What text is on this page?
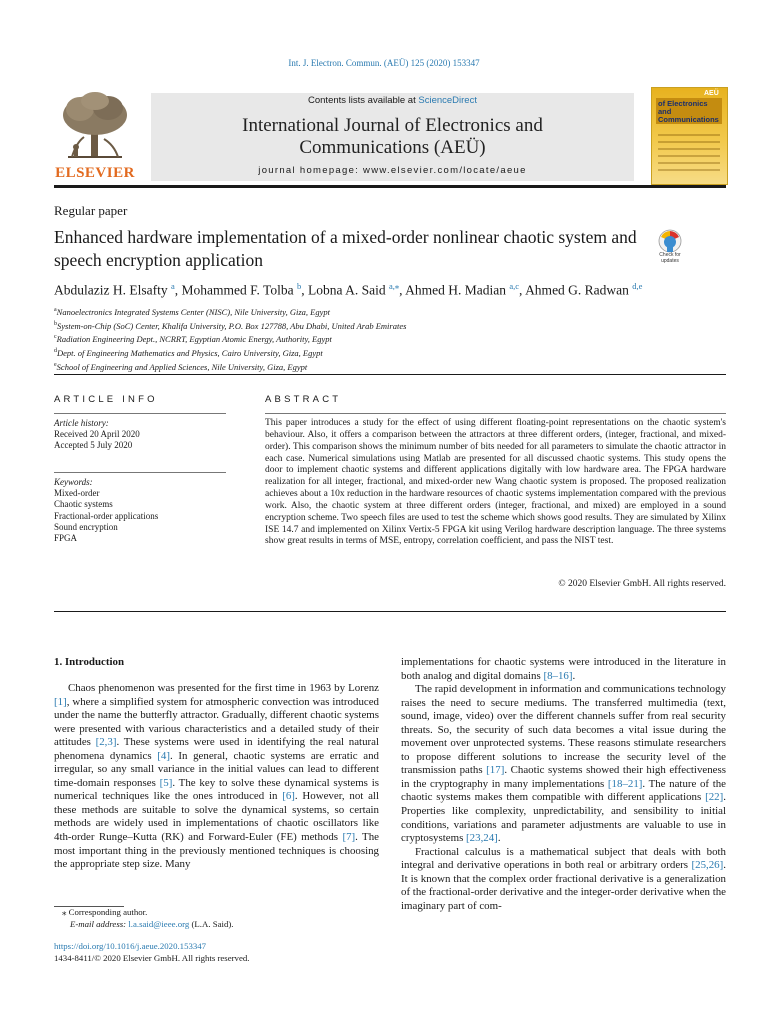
Int. J. Electron. Commun. (AEÜ) 125 (2020) 153347
ELSEVIER
Contents lists available at ScienceDirect
International Journal of Electronics and
Communications (AEÜ)
journal homepage: www.elsevier.com/locate/aeue
of Electronics and Communications
AEÜ
Regular paper
Enhanced hardware implementation of a mixed-order nonlinear chaotic system and speech encryption application	Check for updates
Abdulaziz H. Elsafty $^a$, Mohammed F. Tolba $^b$, Lobna A. Said $^{a,⁎}$, Ahmed H. Madian $^{a,c}$, Ahmed G. Radwan $^{d,e}$
$^a$Nanoelectronics Integrated Systems Center (NISC), Nile University, Giza, Egypt
$^b$System-on-Chip (SoC) Center, Khalifa University, P.O. Box 127788, Abu Dhabi, United Arab Emirates
$^c$Radiation Engineering Dept., NCRRT, Egyptian Atomic Energy, Authority, Egypt
$^d$Dept. of Engineering Mathematics and Physics, Cairo University, Giza, Egypt
$^e$School of Engineering and Applied Sciences, Nile University, Giza, Egypt
ARTICLE INFO	ABSTRACT
Article history:
Received 20 April 2020
Accepted 5 July 2020
Keywords:
Mixed-order
Chaotic systems
Fractional-order applications
Sound encryption
FPGA
This paper introduces a study for the effect of using different floating-point representations on the chaotic system's behaviour. Also, it offers a comparison between the attractors at three different orders, (integer, fractional, and mixed-order). This comparison shows the minimum number of bits needed for all parameters to simulate the chaotic attractor in each case. Numerical simulations using Matlab are presented for all discussed chaotic systems. This study opens the door to implement chaotic systems and different applications digitally with low hardware area. The FPGA hardware realization for all integer, fractional, and mixed-order new Wang chaotic system is proposed. The proposed realization achieves about a 10x reduction in the hardware resources of chaotic systems implementation compared with the previous work. Also, the chaotic system at three different orders (integer, fractional, and mixed) are employed in a sound encryption scheme. Two speech files are used to test the scheme which shows good results. They are simulated by Xilinx ISE 14.7 and implemented on Xilinx Vertix-5 FPGA kit using Verilog hardware description language. The three systems show great results in terms of MSE, entropy, correlation coefficient, and pass the NIST test.
© 2020 Elsevier GmbH. All rights reserved.
1. Introduction

Chaos phenomenon was presented for the first time in 1963 by Lorenz [1], where a simplified system for atmospheric convection was introduced under the name the butterfly attractor. Gradually, different chaotic systems were presented with various characteristics and a detailed study of their attitudes [2,3]. These systems were used in identifying the real natural phenomena dynamics [4]. In general, chaotic systems are erratic and irregular, so any small variance in the initial values can lead to different time-domain responses [5]. The key to solve these dynamical systems is numerical techniques like the ones introduced in [6]. However, not all these methods are suitable to solve the dynamical systems, so certain methods are widely used in implementations of chaotic oscillators like 4th-order Runge–Kutta (RK) and Forward-Euler (FE) methods [7]. The most important thing in the previously mentioned techniques is choosing the appropriate step size. Many

implementations for chaotic systems were introduced in the literature in both analog and digital domains [8–16].

The rapid development in information and communications technology raises the need to secure mediums. The transferred multimedia (text, sound, image, video) over the different channels suffer from real security threats. So, the security of such data becomes a vital issue during the movement over unprotected systems. These reasons stimulate researchers to propose different solutions to increase the security level of the transmission paths [17]. Chaotic systems showed their high effectiveness in the cryptography in many implementations [18–21]. The nature of the chaotic systems makes them compatible with different applications [22]. Properties like complexity, unpredictability, and sensibility to initial conditions, variations and parameter adjustments are valuable to use in cryptosystems [23,24].

Fractional calculus is a mathematical subject that deals with both integral and derivative operations in both real or arbitrary orders [25,26]. It is known that the complex order fractional derivative is a generalization of the fractional-order derivative and the integer-order derivative when the imaginary part of com-

⁎ Corresponding author.
E-mail address: l.a.said@ieee.org (L.A. Said).
https://doi.org/10.1016/j.aeue.2020.153347
1434-8411/© 2020 Elsevier GmbH. All rights reserved.
